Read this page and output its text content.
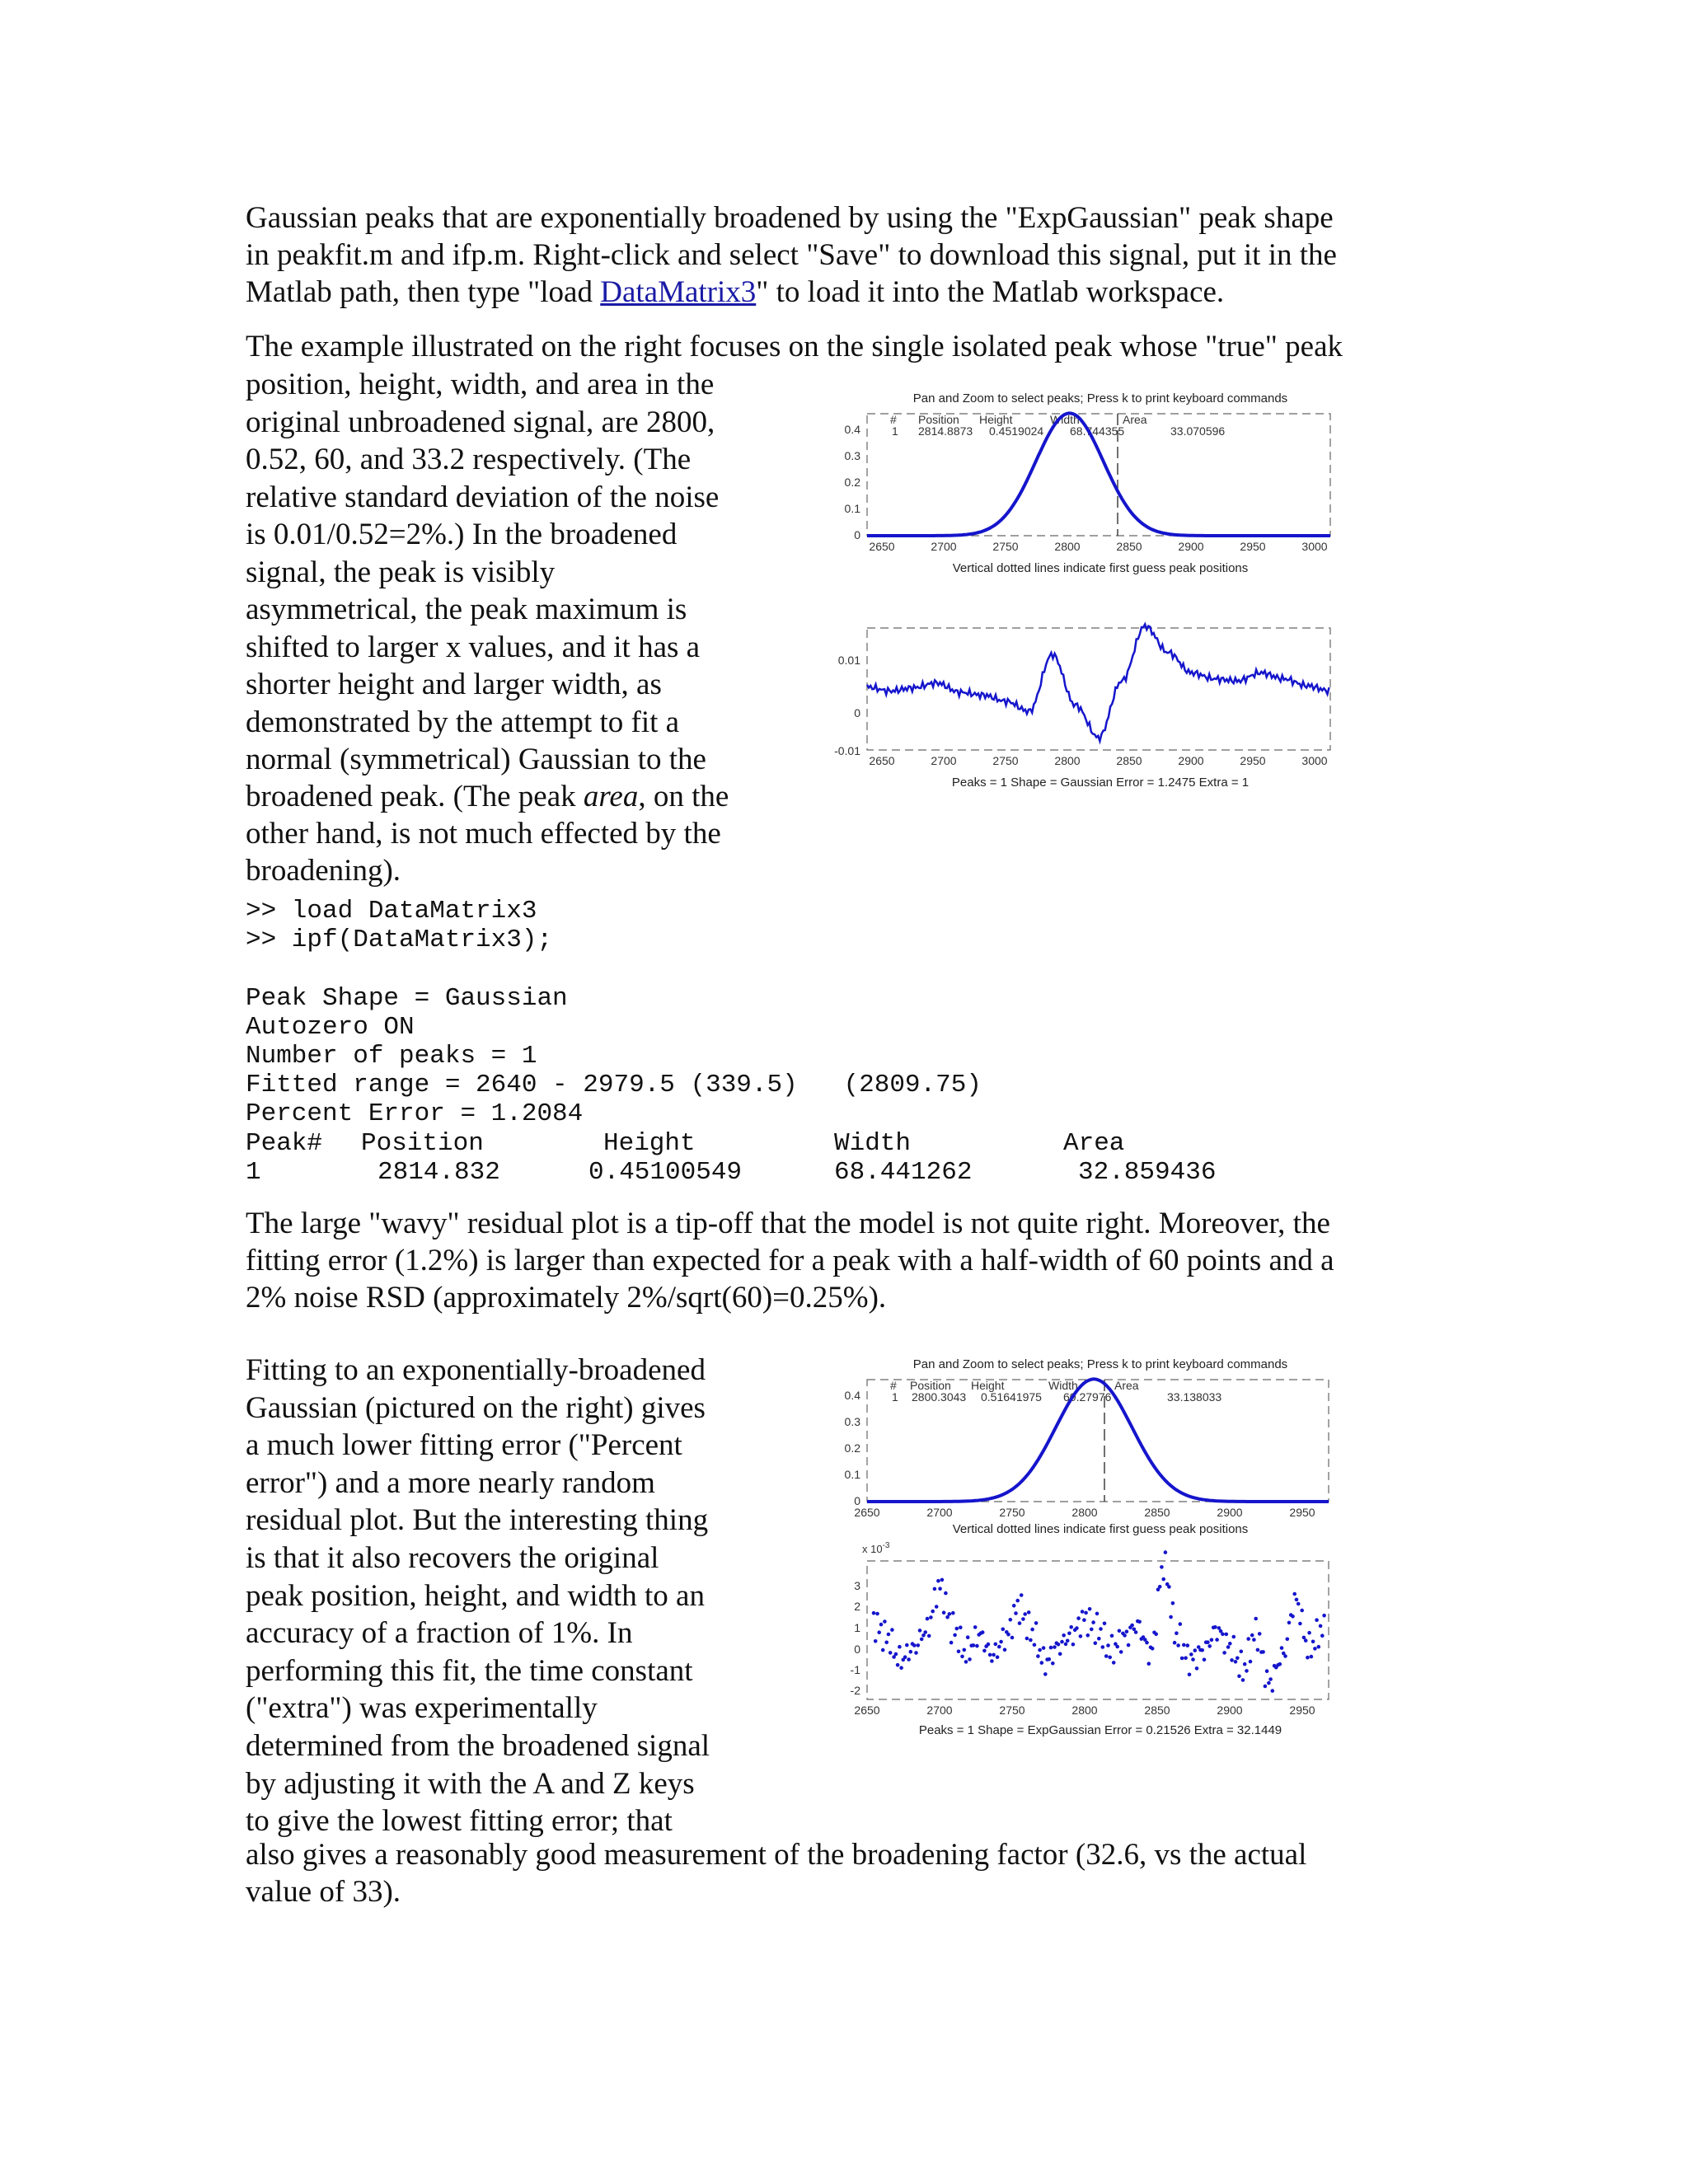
Gaussian peaks that are exponentially broadened by using the "ExpGaussian" peak shape
in peakfit.m and ifp.m. Right-click and select "Save" to download this signal, put it in the
Matlab path, then type "load DataMatrix3" to load it into the Matlab workspace.
The example illustrated on the right focuses on the single isolated peak whose "true" peak
position, height, width, and area in the
original unbroadened signal, are 2800,
0.52, 60, and 33.2 respectively. (The
relative standard deviation of the noise
is 0.01/0.52=2%.) In the broadened
signal, the peak is visibly
asymmetrical, the peak maximum is
shifted to larger x values, and it has a
shorter height and larger width, as
demonstrated by the attempt to fit a
normal (symmetrical) Gaussian to the
broadened peak. (The peak area, on the
other hand, is not much effected by the
broadening).
>> load DataMatrix3
>> ipf(DataMatrix3);
Peak Shape = Gaussian
Autozero ON
Number of peaks = 1
Fitted range = 2640 - 2979.5 (339.5)   (2809.75)
Percent Error = 1.2084
Peak# Position	Height	Width	Area
1	2814.832	0.45100549	68.441262	32.859436
The large "wavy" residual plot is a tip-off that the model is not quite right. Moreover, the
fitting error (1.2%) is larger than expected for a peak with a half-width of 60 points and a
2% noise RSD (approximately 2%/sqrt(60)=0.25%).
Fitting to an exponentially-broadened
Gaussian (pictured on the right) gives
a much lower fitting error ("Percent
error") and a more nearly random
residual plot. But the interesting thing
is that it also recovers the original
peak position, height, and width to an
accuracy of a fraction of 1%. In
performing this fit, the time constant
("extra") was experimentally
determined from the broadened signal
by adjusting it with the A and Z keys
to give the lowest fitting error; that
also gives a reasonably good measurement of the broadening factor (32.6, vs the actual
value of 33).
Pan and Zoom to select peaks; Press k to print keyboard commands
# Position Height	Width	Area
1 2814.8873 0.4519024 68.744355	33.070596
0
0.1
0.2
0.3
0.4
2650	2700	2750	2800	2850	2900	2950	3000
Vertical dotted lines indicate first guess peak positions
-0.01
0
0.01
2650	2700	2750	2800	2850	2900	2950	3000
Peaks = 1 Shape = Gaussian Error = 1.2475 Extra = 1
Pan and Zoom to select peaks; Press k to print keyboard commands
# Position Height	Width	Area
1 2800.3043 0.51641975 60.27976	33.138033
0
0.1
0.2
0.3
0.4
2650	2700	2750	2800	2850	2900	2950
Vertical dotted lines indicate first guess peak positions
x $10^{-3}$
-2
-1
0
1
2
3
2650	2700	2750	2800	2850	2900	2950
Peaks = 1 Shape = ExpGaussian Error = 0.21526 Extra = 32.1449
